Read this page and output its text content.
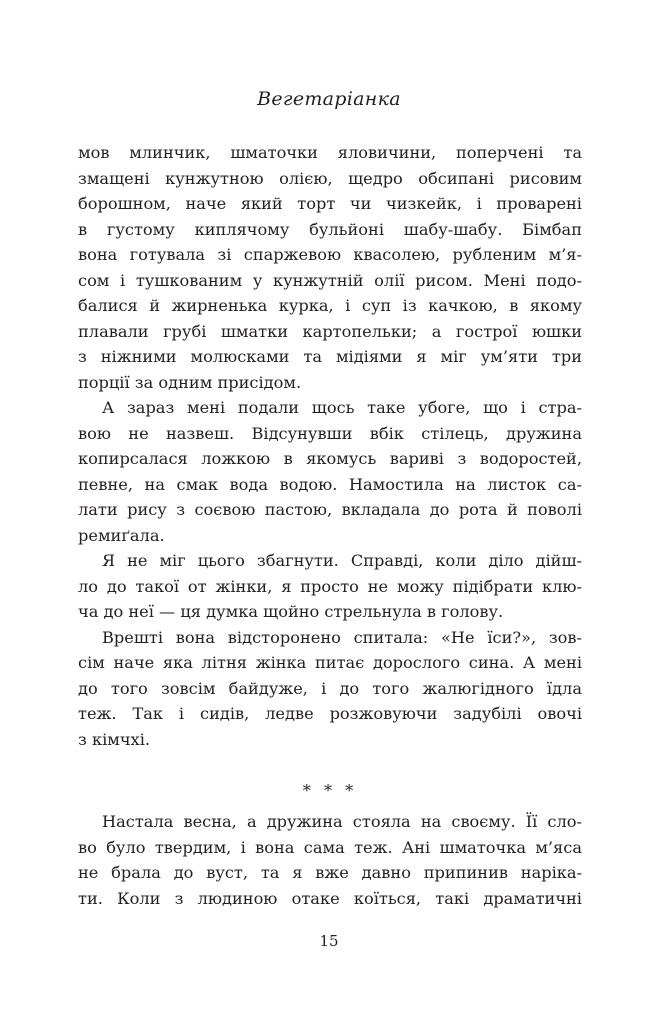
Вегетаріанка
мов млинчик, шматочки яловичини, поперчені та
змащені кунжутною олією, щедро обсипані рисовим
борошном, наче який торт чи чизкейк, і проварені
в густому киплячому бульйоні шабу-шабу. Бімбап
вона готувала зі спаржевою квасолею, рубленим м’я-
сом і тушкованим у кунжутній олії рисом. Мені подо-
балися й жирненька курка, і суп із качкою, в якому
плавали грубі шматки картопельки; а гострої юшки
з ніжними молюсками та мідіями я міг ум’яти три
порції за одним присідом.
А зараз мені подали щось таке убоге, що і стра-
вою не назвеш. Відсунувши вбік стілець, дружина
копирсалася ложкою в якомусь вариві з водоростей,
певне, на смак вода водою. Намостила на листок са-
лати рису з соєвою пастою, вкладала до рота й поволі
ремиґала.
Я не міг цього збагнути. Справді, коли діло дійш-
ло до такої от жінки, я просто не можу підібрати клю-
ча до неї — ця думка щойно стрельнула в голову.
Врешті вона відсторонено спитала: «Не їси?», зов-
сім наче яка літня жінка питає дорослого сина. А мені
до того зовсім байдуже, і до того жалюгідного їдла
теж. Так і сидів, ледве розжовуючи задубілі овочі
з кімчхі.
* * *
Настала весна, а дружина стояла на своєму. Її сло-
во було твердим, і вона сама теж. Ані шматочка м’яса
не брала до вуст, та я вже давно припинив наріка-
ти. Коли з людиною отаке коїться, такі драматичні
15
